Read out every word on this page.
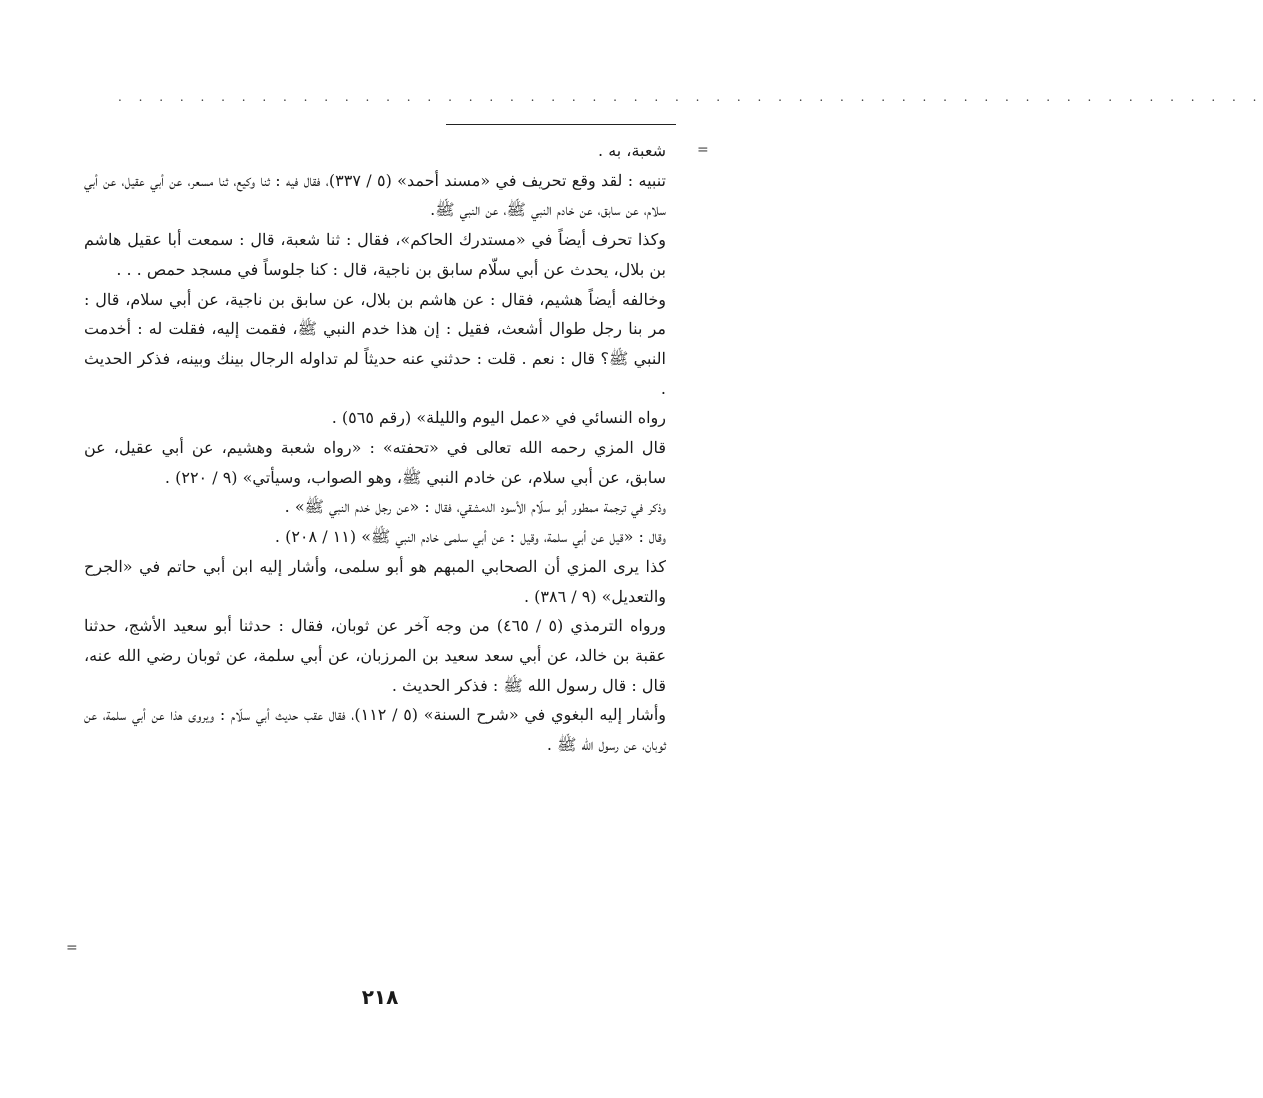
. . . . . . . . . . . . . . . . . . . . . . . . . . . . . . . . . . . . . . . . . . . . . . . . . . . . . . . .
=
=

شعبة، به .

تنبيه : لقد وقع تحريف في «مسند أحمد» (٥ / ٣٣٧)، فقال فيه : ثنا وكيع، ثنا مسعر، عن أبي عقيل، عن أبي سلام، عن سابق، عن خادم النبي ﷺ، عن النبي ﷺ.

وكذا تحرف أيضاً في «مستدرك الحاكم»، فقال : ثنا شعبة، قال : سمعت أبا عقيل هاشم بن بلال، يحدث عن أبي سلّام سابق بن ناجية، قال : كنا جلوساً في مسجد حمص . . .

وخالفه أيضاً هشيم، فقال : عن هاشم بن بلال، عن سابق بن ناجية، عن أبي سلام، قال : مر بنا رجل طوال أشعث، فقيل : إن هذا خدم النبي ﷺ، فقمت إليه، فقلت له : أخدمت النبي ﷺ؟ قال : نعم . قلت : حدثني عنه حديثاً لم تداوله الرجال بينك وبينه، فذكر الحديث .

رواه النسائي في «عمل اليوم والليلة» (رقم ٥٦٥) .

قال المزي رحمه الله تعالى في «تحفته» : «رواه شعبة وهشيم، عن أبي عقيل، عن سابق، عن أبي سلام، عن خادم النبي ﷺ، وهو الصواب، وسيأتي» (٩ / ٢٢٠) .

وذكر في ترجمة ممطور أبو سلّام الأسود الدمشقي، فقال : «عن رجل خدم النبي ﷺ» .

وقال : «قيل عن أبي سلمة، وقيل : عن أبي سلمى خادم النبي ﷺ» (١١ / ٢٠٨) .

كذا يرى المزي أن الصحابي المبهم هو أبو سلمى، وأشار إليه ابن أبي حاتم في «الجرح والتعديل» (٩ / ٣٨٦) .

ورواه الترمذي (٥ / ٤٦٥) من وجه آخر عن ثوبان، فقال : حدثنا أبو سعيد الأشج، حدثنا عقبة بن خالد، عن أبي سعد سعيد بن المرزبان، عن أبي سلمة، عن ثوبان رضي الله عنه، قال : قال رسول الله ﷺ : فذكر الحديث .

وأشار إليه البغوي في «شرح السنة» (٥ / ١١٢)، فقال عقب حديث أبي سلّام : ويروى هذا عن أبي سلمة، عن ثوبان، عن رسول الله ﷺ .

٢١٨
